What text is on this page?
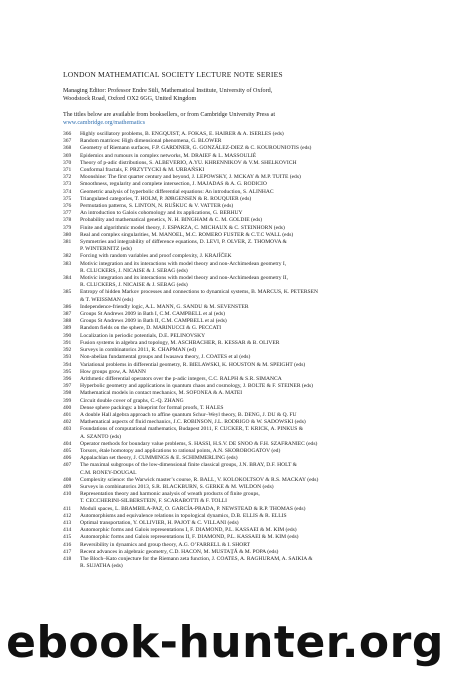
LONDON MATHEMATICAL SOCIETY LECTURE NOTE SERIES
Managing Editor: Professor Endre Süli, Mathematical Institute, University of Oxford,
Woodstock Road, Oxford OX2 6GG, United Kingdom
The titles below are available from booksellers, or from Cambridge University Press at
www.cambridge.org/mathematics
366	Highly oscillatory problems, B. ENGQUIST, A. FOKAS, E. HAIRER & A. ISERLES (eds)
367	Random matrices: High dimensional phenomena, G. BLOWER
368	Geometry of Riemann surfaces, F.P. GARDINER, G. GONZÁLEZ-DIEZ & C. KOUROUNIOTIS (eds)
369	Epidemics and rumours in complex networks, M. DRAIEF & L. MASSOULIÉ
370	Theory of p-adic distributions, S. ALBEVERIO, A.YU. KHRENNIKOV & V.M. SHELKOVICH
371	Conformal fractals, F. PRZYTYCKI & M. URBAŃSKI
372	Moonshine: The first quarter century and beyond, J. LEPOWSKY, J. MCKAY & M.P. TUITE (eds)
373	Smoothness, regularity and complete intersection, J. MAJADAS & A. G. RODICIO
374	Geometric analysis of hyperbolic differential equations: An introduction, S. ALINHAC
375	Triangulated categories, T. HOLM, P. JØRGENSEN & R. ROUQUIER (eds)
376	Permutation patterns, S. LINTON, N. RUŠKUC & V. VATTER (eds)
377	An introduction to Galois cohomology and its applications, G. BERHUY
378	Probability and mathematical genetics, N. H. BINGHAM & C. M. GOLDIE (eds)
379	Finite and algorithmic model theory, J. ESPARZA, C. MICHAUX & C. STEINHORN (eds)
380	Real and complex singularities, M. MANOEL, M.C. ROMERO FUSTER & C.T.C WALL (eds)
381	Symmetries and integrability of difference equations, D. LEVI, P. OLVER, Z. THOMOVA &
P. WINTERNITZ (eds)
382	Forcing with random variables and proof complexity, J. KRAJÍČEK
383	Motivic integration and its interactions with model theory and non-Archimedean geometry I,
R. CLUCKERS, J. NICAISE & J. SEBAG (eds)
384	Motivic integration and its interactions with model theory and non-Archimedean geometry II,
R. CLUCKERS, J. NICAISE & J. SEBAG (eds)
385	Entropy of hidden Markov processes and connections to dynamical systems, B. MARCUS, K. PETERSEN
& T. WEISSMAN (eds)
386	Independence-friendly logic, A.L. MANN, G. SANDU & M. SEVENSTER
387	Groups St Andrews 2009 in Bath I, C.M. CAMPBELL et al (eds)
388	Groups St Andrews 2009 in Bath II, C.M. CAMPBELL et al (eds)
389	Random fields on the sphere, D. MARINUCCI & G. PECCATI
390	Localization in periodic potentials, D.E. PELINOVSKY
391	Fusion systems in algebra and topology, M. ASCHBACHER, R. KESSAR & B. OLIVER
392	Surveys in combinatorics 2011, R. CHAPMAN (ed)
393	Non-abelian fundamental groups and Iwasawa theory, J. COATES et al (eds)
394	Variational problems in differential geometry, R. BIELAWSKI, K. HOUSTON & M. SPEIGHT (eds)
395	How groups grow, A. MANN
396	Arithmetic differential operators over the p-adic integers, C.C. RALPH & S.R. SIMANCA
397	Hyperbolic geometry and applications in quantum chaos and cosmology, J. BOLTE & F. STEINER (eds)
398	Mathematical models in contact mechanics, M. SOFONEA & A. MATEI
399	Circuit double cover of graphs, C.-Q. ZHANG
400	Dense sphere packings: a blueprint for formal proofs, T. HALES
401	A double Hall algebra approach to affine quantum Schur–Weyl theory, B. DENG, J. DU & Q. FU
402	Mathematical aspects of fluid mechanics, J.C. ROBINSON, J.L. RODRIGO & W. SADOWSKI (eds)
403	Foundations of computational mathematics, Budapest 2011, F. CUCKER, T. KRICK, A. PINKUS &
A. SZANTO (eds)
404	Operator methods for boundary value problems, S. HASSI, H.S.V. DE SNOO & F.H. SZAFRANIEC (eds)
405	Torsors, étale homotopy and applications to rational points, A.N. SKOROBOGATOV (ed)
406	Appalachian set theory, J. CUMMINGS & E. SCHIMMERLING (eds)
407	The maximal subgroups of the low-dimensional finite classical groups, J.N. BRAY, D.F. HOLT &
C.M. RONEY-DOUGAL
408	Complexity science: the Warwick master’s course, R. BALL, V. KOLOKOLTSOV & R.S. MACKAY (eds)
409	Surveys in combinatorics 2013, S.R. BLACKBURN, S. GERKE & M. WILDON (eds)
410	Representation theory and harmonic analysis of wreath products of finite groups,
T. CECCHERINI-SILBERSTEIN, F. SCARABOTTI & F. TOLLI
411	Moduli spaces, L. BRAMBILA-PAZ, O. GARCÍA-PRADA, P. NEWSTEAD & R.P. THOMAS (eds)
412	Automorphisms and equivalence relations in topological dynamics, D.B. ELLIS & R. ELLIS
413	Optimal transportation, Y. OLLIVIER, H. PAJOT & C. VILLANI (eds)
414	Automorphic forms and Galois representations I, F. DIAMOND, P.L. KASSAEI & M. KIM (eds)
415	Automorphic forms and Galois representations II, F. DIAMOND, P.L. KASSAEI & M. KIM (eds)
416	Reversibility in dynamics and group theory, A.G. O’FARRELL & I. SHORT
417	Recent advances in algebraic geometry, C.D. HACON, M. MUSTAŢĂ & M. POPA (eds)
418	The Bloch–Kato conjecture for the Riemann zeta function, J. COATES, A. RAGHURAM, A. SAIKIA &
R. SUJATHA (eds)
ebook-hunter.org
